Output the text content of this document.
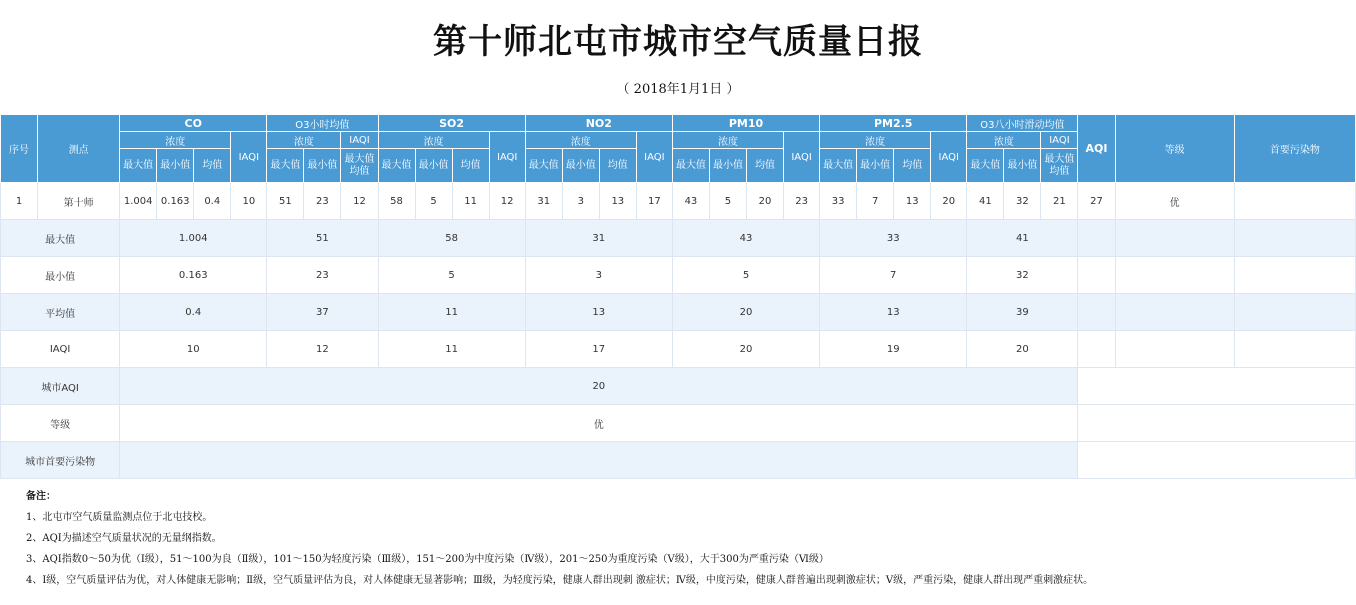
第十师北屯市城市空气质量日报
（ 2018年1月1日 ）
序号	测点	CO				O3小时均值			SO2				NO2				PM10				PM2.5				O3八小时滑动均值			AQI	等级	首要污染物
		浓度			IAQI	浓度		IAQI	浓度			IAQI	浓度			IAQI	浓度			IAQI	浓度			IAQI	浓度		IAQI			
		最大值	最小值	均值		最大值	最小值	最大值均值	最大值	最小值	均值		最大值	最小值	均值		最大值	最小值	均值		最大值	最小值	均值		最大值	最小值	最大值均值			
1	第十师	1.004	0.163	0.4	10	51	23	12	58	5	11	12	31	3	13	17	43	5	20	23	33	7	13	20	41	32	21	27	优	
最大值		1.004				51			58				31				43				33				41					
最小值		0.163				23			5				3				5				7				32					
平均值		0.4				37			11				13				20				13				39					
IAQI		10				12			11				17				20				19				20					
城市AQI		20																												
等级		优																												
城市首要污染物																														
备注：
1、北屯市空气质量监测点位于北屯技校。
2、AQI为描述空气质量状况的无量纲指数。
3、AQI指数0～50为优（Ⅰ级），51～100为良（Ⅱ级），101～150为轻度污染（Ⅲ级），151～200为中度污染（Ⅳ级），201～250为重度污染（Ⅴ级），大于300为严重污染（Ⅵ级）
4、Ⅰ级，空气质量评估为优，对人体健康无影响；Ⅱ级，空气质量评估为良，对人体健康无显著影响；Ⅲ级，为轻度污染，健康人群出现刺 激症状；Ⅳ级，中度污染，健康人群普遍出现刺激症状；Ⅴ级，严重污染，健康人群出现严重刺激症状。
